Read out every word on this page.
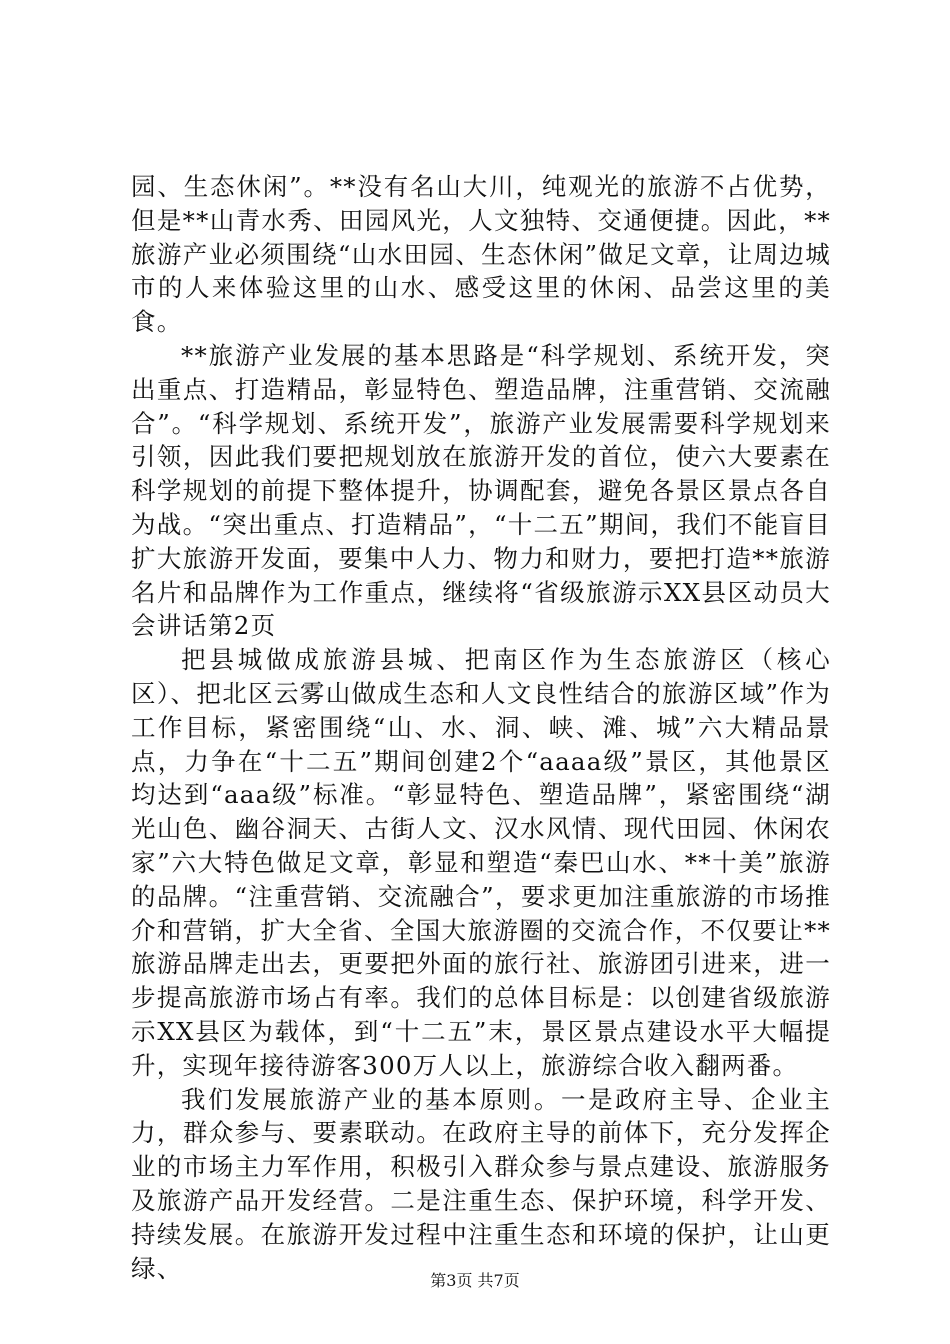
园、生态休闲”。**没有名山大川，纯观光的旅游不占优势，但是**山青水秀、田园风光，人文独特、交通便捷。因此，**旅游产业必须围绕“山水田园、生态休闲”做足文章，让周边城市的人来体验这里的山水、感受这里的休闲、品尝这里的美食。

**旅游产业发展的基本思路是“科学规划、系统开发，突出重点、打造精品，彰显特色、塑造品牌，注重营销、交流融合”。“科学规划、系统开发”，旅游产业发展需要科学规划来引领，因此我们要把规划放在旅游开发的首位，使六大要素在科学规划的前提下整体提升，协调配套，避免各景区景点各自为战。“突出重点、打造精品”，“十二五”期间，我们不能盲目扩大旅游开发面，要集中人力、物力和财力，要把打造**旅游名片和品牌作为工作重点，继续将“省级旅游示XX县区动员大会讲话第2页

把县城做成旅游县城、把南区作为生态旅游区（核心区）、把北区云雾山做成生态和人文良性结合的旅游区域”作为工作目标，紧密围绕“山、水、洞、峡、滩、城”六大精品景点，力争在“十二五”期间创建2个“aaaa级”景区，其他景区均达到“aaa级”标准。“彰显特色、塑造品牌”，紧密围绕“湖光山色、幽谷洞天、古街人文、汉水风情、现代田园、休闲农家”六大特色做足文章，彰显和塑造“秦巴山水、**十美”旅游的品牌。“注重营销、交流融合”，要求更加注重旅游的市场推介和营销，扩大全省、全国大旅游圈的交流合作，不仅要让**旅游品牌走出去，更要把外面的旅行社、旅游团引进来，进一步提高旅游市场占有率。我们的总体目标是：以创建省级旅游示XX县区为载体，到“十二五”末，景区景点建设水平大幅提升，实现年接待游客300万人以上，旅游综合收入翻两番。

我们发展旅游产业的基本原则。一是政府主导、企业主力，群众参与、要素联动。在政府主导的前体下，充分发挥企业的市场主力军作用，积极引入群众参与景点建设、旅游服务及旅游产品开发经营。二是注重生态、保护环境，科学开发、持续发展。在旅游开发过程中注重生态和环境的保护，让山更绿、	第3页 共7页
